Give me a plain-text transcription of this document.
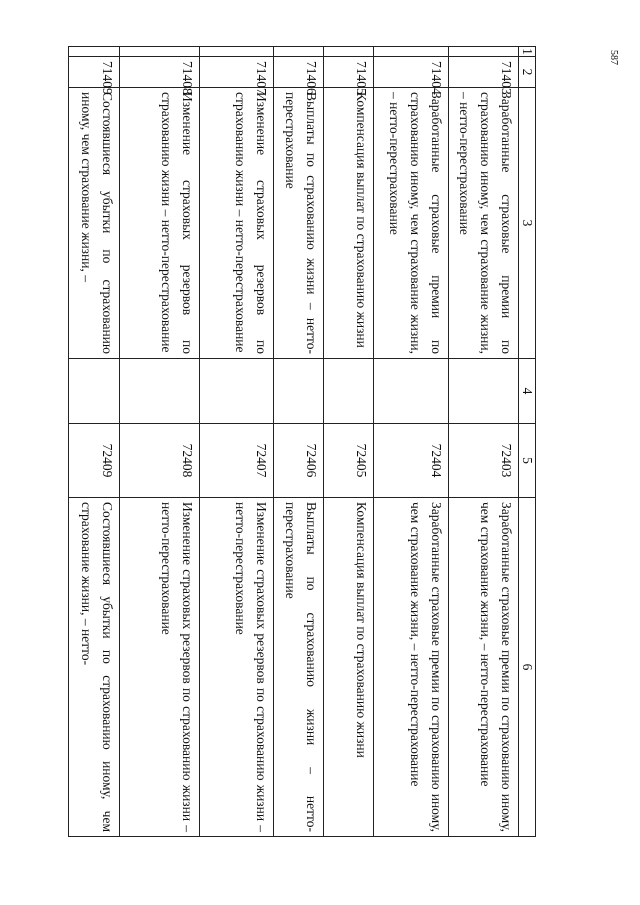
587
1	2	3	4	5	6
	71403	Заработанные страховые премии по страхованию иному, чем страхование жизни, – нетто-перестрахование		72403	Заработанные страховые премии по страхованию иному, чем страхование жизни, – нетто-перестрахование
	71404	Заработанные страховые премии по страхованию иному, чем страхование жизни, – нетто-перестрахование		72404	Заработанные страховые премии по страхованию иному, чем страхование жизни, – нетто-перестрахование
	71405	Компенсация выплат по страхованию жизни		72405	Компенсация выплат по страхованию жизни
	71406	Выплаты по страхованию жизни – нетто-перестрахование		72406	Выплаты по страхованию жизни – нетто-перестрахование
	71407	Изменение страховых резервов по страхованию жизни – нетто-перестрахование		72407	Изменение страховых резервов по страхованию жизни – нетто-перестрахование
	71408	Изменение страховых резервов по страхованию жизни – нетто-перестрахование		72408	Изменение страховых резервов по страхованию жизни – нетто-перестрахование
	71409	Состоявшиеся убытки по страхованию иному, чем страхование жизни, –		72409	Состоявшиеся убытки по страхованию иному, чем страхование жизни, – нетто-
